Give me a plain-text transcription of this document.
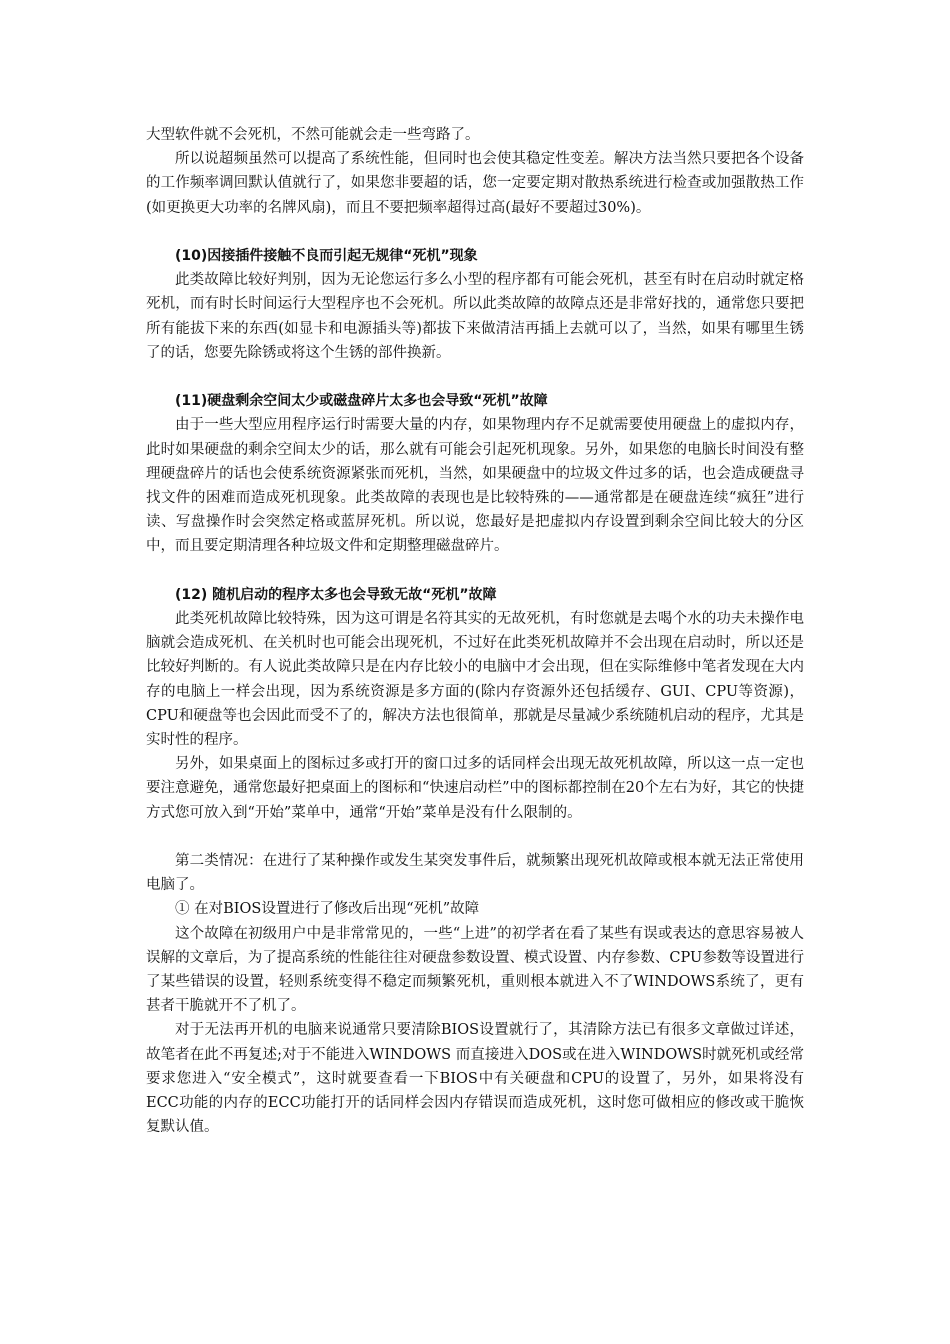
大型软件就不会死机，不然可能就会走一些弯路了。

所以说超频虽然可以提高了系统性能，但同时也会使其稳定性变差。解决方法当然只要把各个设备的工作频率调回默认值就行了，如果您非要超的话，您一定要定期对散热系统进行检查或加强散热工作(如更换更大功率的名牌风扇)，而且不要把频率超得过高(最好不要超过30%)。

(10)因接插件接触不良而引起无规律“死机”现象

此类故障比较好判别，因为无论您运行多么小型的程序都有可能会死机，甚至有时在启动时就定格死机，而有时长时间运行大型程序也不会死机。所以此类故障的故障点还是非常好找的，通常您只要把所有能拔下来的东西(如显卡和电源插头等)都拔下来做清洁再插上去就可以了，当然，如果有哪里生锈了的话，您要先除锈或将这个生锈的部件换新。

(11)硬盘剩余空间太少或磁盘碎片太多也会导致“死机”故障

由于一些大型应用程序运行时需要大量的内存，如果物理内存不足就需要使用硬盘上的虚拟内存，此时如果硬盘的剩余空间太少的话，那么就有可能会引起死机现象。另外，如果您的电脑长时间没有整理硬盘碎片的话也会使系统资源紧张而死机，当然，如果硬盘中的垃圾文件过多的话，也会造成硬盘寻找文件的困难而造成死机现象。此类故障的表现也是比较特殊的——通常都是在硬盘连续“疯狂”进行读、写盘操作时会突然定格或蓝屏死机。所以说，您最好是把虚拟内存设置到剩余空间比较大的分区中，而且要定期清理各种垃圾文件和定期整理磁盘碎片。

(12) 随机启动的程序太多也会导致无故“死机”故障

此类死机故障比较特殊，因为这可谓是名符其实的无故死机，有时您就是去喝个水的功夫未操作电脑就会造成死机、在关机时也可能会出现死机，不过好在此类死机故障并不会出现在启动时，所以还是比较好判断的。有人说此类故障只是在内存比较小的电脑中才会出现，但在实际维修中笔者发现在大内存的电脑上一样会出现，因为系统资源是多方面的(除内存资源外还包括缓存、GUI、CPU等资源)，CPU和硬盘等也会因此而受不了的，解决方法也很简单，那就是尽量减少系统随机启动的程序，尤其是实时性的程序。

另外，如果桌面上的图标过多或打开的窗口过多的话同样会出现无故死机故障，所以这一点一定也要注意避免，通常您最好把桌面上的图标和“快速启动栏”中的图标都控制在20个左右为好，其它的快捷方式您可放入到“开始”菜单中，通常“开始”菜单是没有什么限制的。

第二类情况：在进行了某种操作或发生某突发事件后，就频繁出现死机故障或根本就无法正常使用电脑了。

① 在对BIOS设置进行了修改后出现“死机”故障

这个故障在初级用户中是非常常见的，一些“上进”的初学者在看了某些有误或表达的意思容易被人误解的文章后，为了提高系统的性能往往对硬盘参数设置、模式设置、内存参数、CPU参数等设置进行了某些错误的设置，轻则系统变得不稳定而频繁死机，重则根本就进入不了WINDOWS系统了，更有甚者干脆就开不了机了。

对于无法再开机的电脑来说通常只要清除BIOS设置就行了，其清除方法已有很多文章做过详述，故笔者在此不再复述;对于不能进入WINDOWS 而直接进入DOS或在进入WINDOWS时就死机或经常要求您进入“安全模式”，这时就要查看一下BIOS中有关硬盘和CPU的设置了，另外，如果将没有 ECC功能的内存的ECC功能打开的话同样会因内存错误而造成死机，这时您可做相应的修改或干脆恢复默认值。
